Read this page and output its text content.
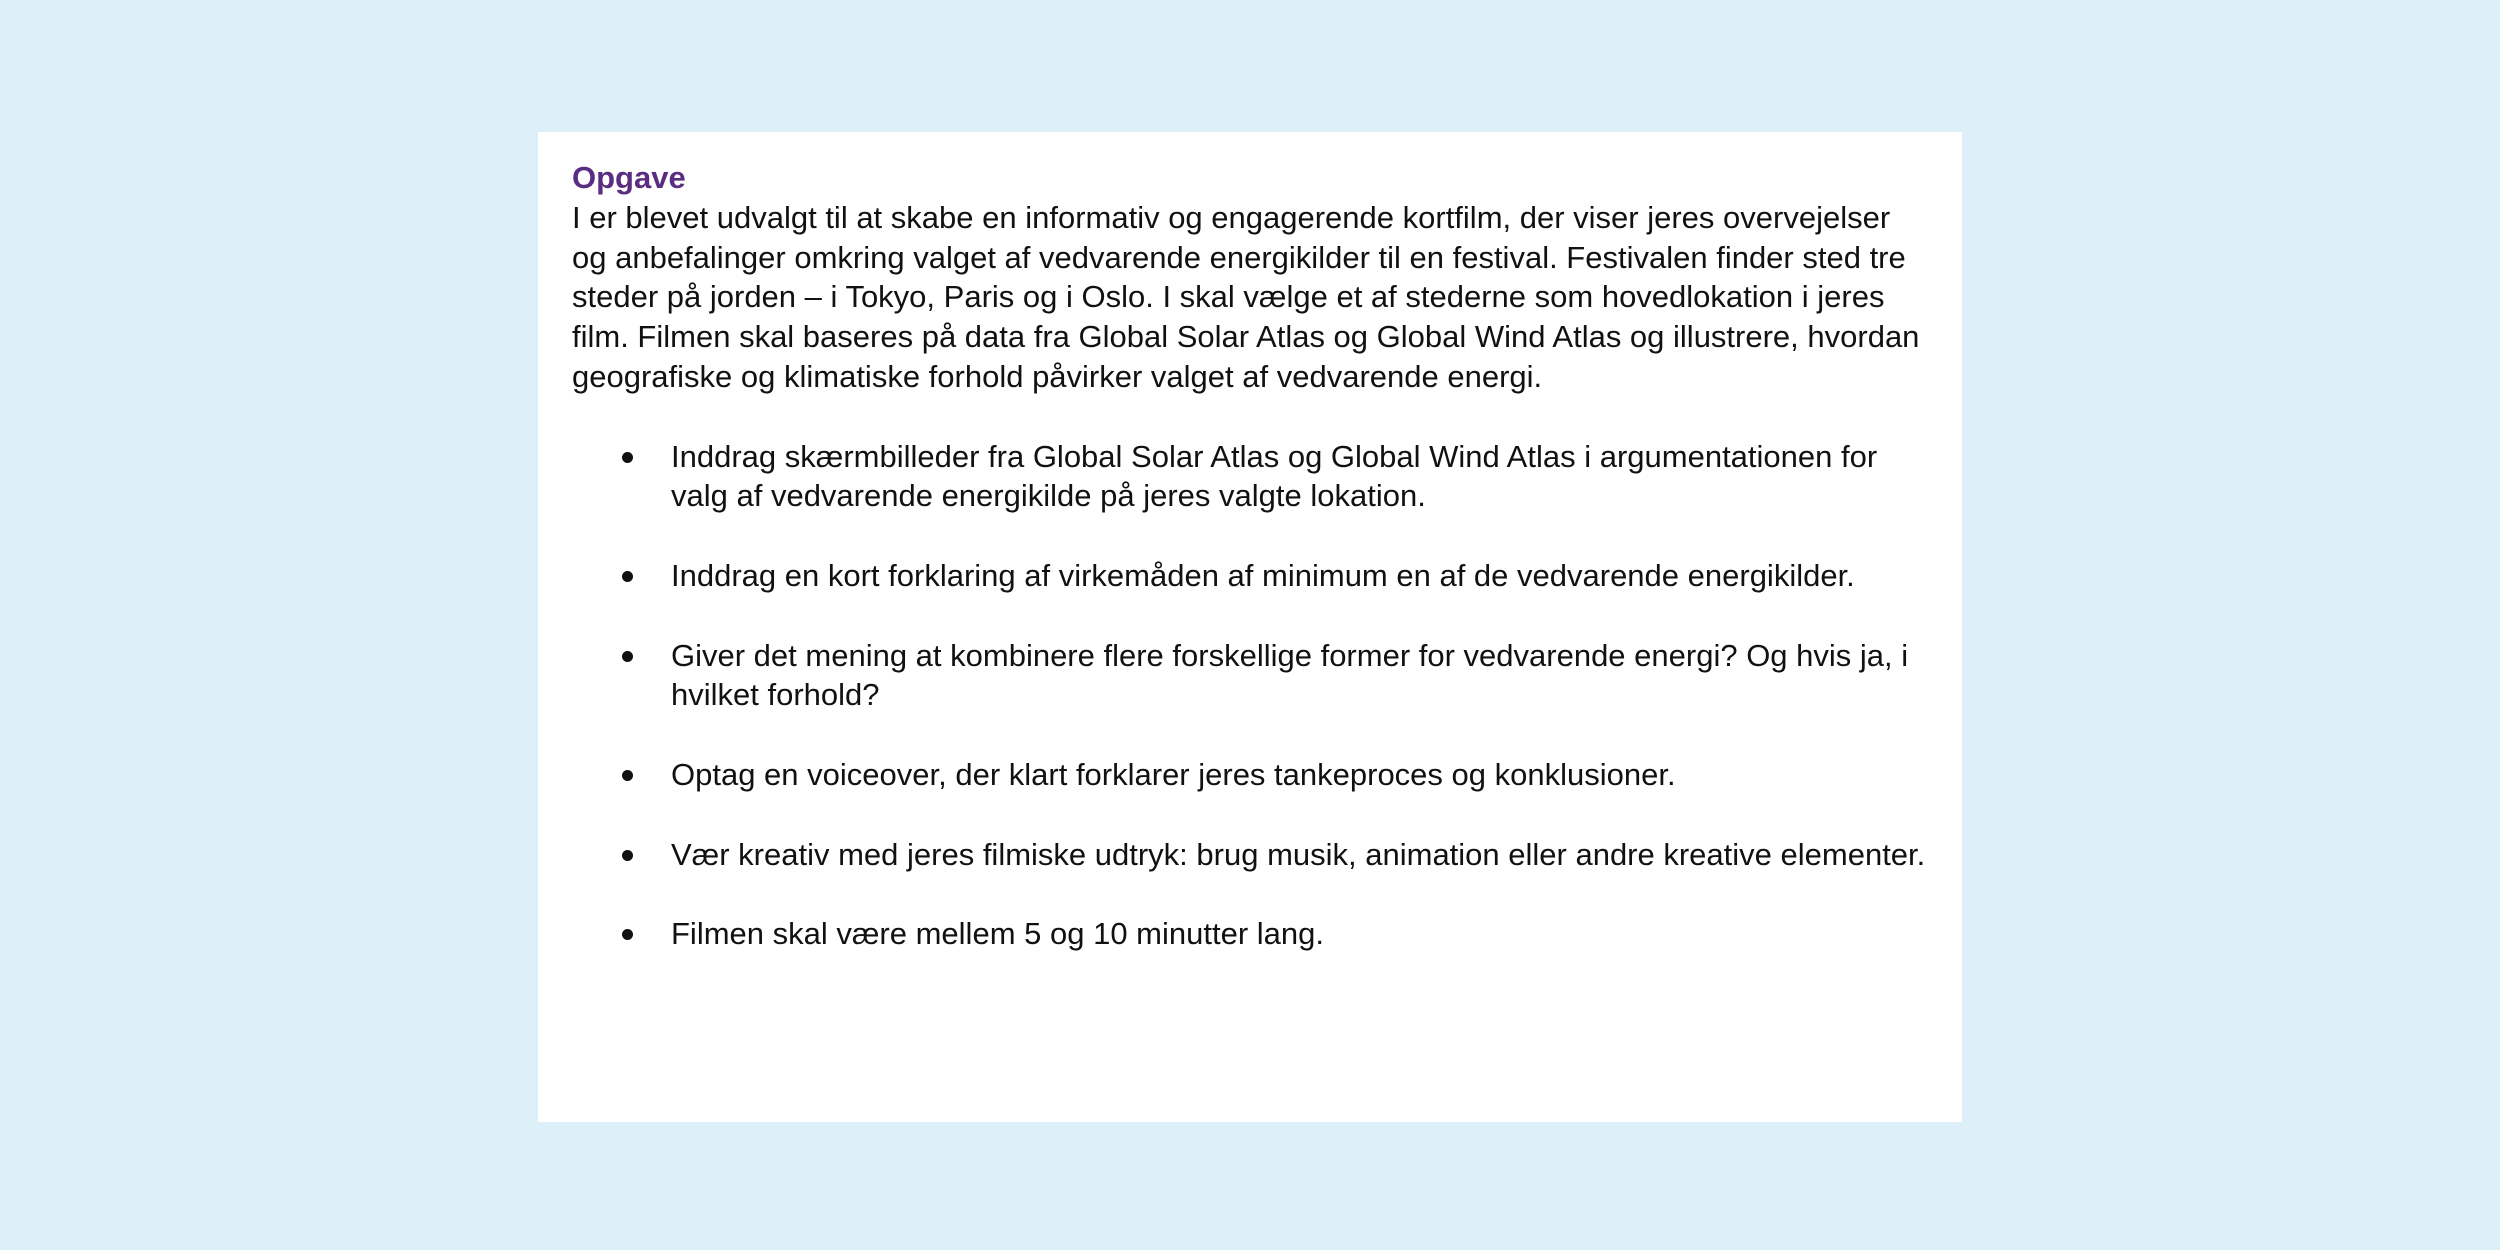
Opgave

I er blevet udvalgt til at skabe en informativ og engagerende kortfilm, der viser jeres overvejelser og anbefalinger omkring valget af vedvarende energikilder til en festival. Festivalen finder sted tre steder på jorden – i Tokyo, Paris og i Oslo. I skal vælge et af stederne som hovedlokation i jeres film. Filmen skal baseres på data fra Global Solar Atlas og Global Wind Atlas og illustrere, hvordan geografiske og klimatiske forhold påvirker valget af vedvarende energi.

Inddrag skærmbilleder fra Global Solar Atlas og Global Wind Atlas i argumentationen for valg af vedvarende energikilde på jeres valgte lokation.
Inddrag en kort forklaring af virkemåden af minimum en af de vedvarende energikilder.
Giver det mening at kombinere flere forskellige former for vedvarende energi? Og hvis ja, i hvilket forhold?
Optag en voiceover, der klart forklarer jeres tankeproces og konklusioner.
Vær kreativ med jeres filmiske udtryk: brug musik, animation eller andre kreative elementer.
Filmen skal være mellem 5 og 10 minutter lang.
